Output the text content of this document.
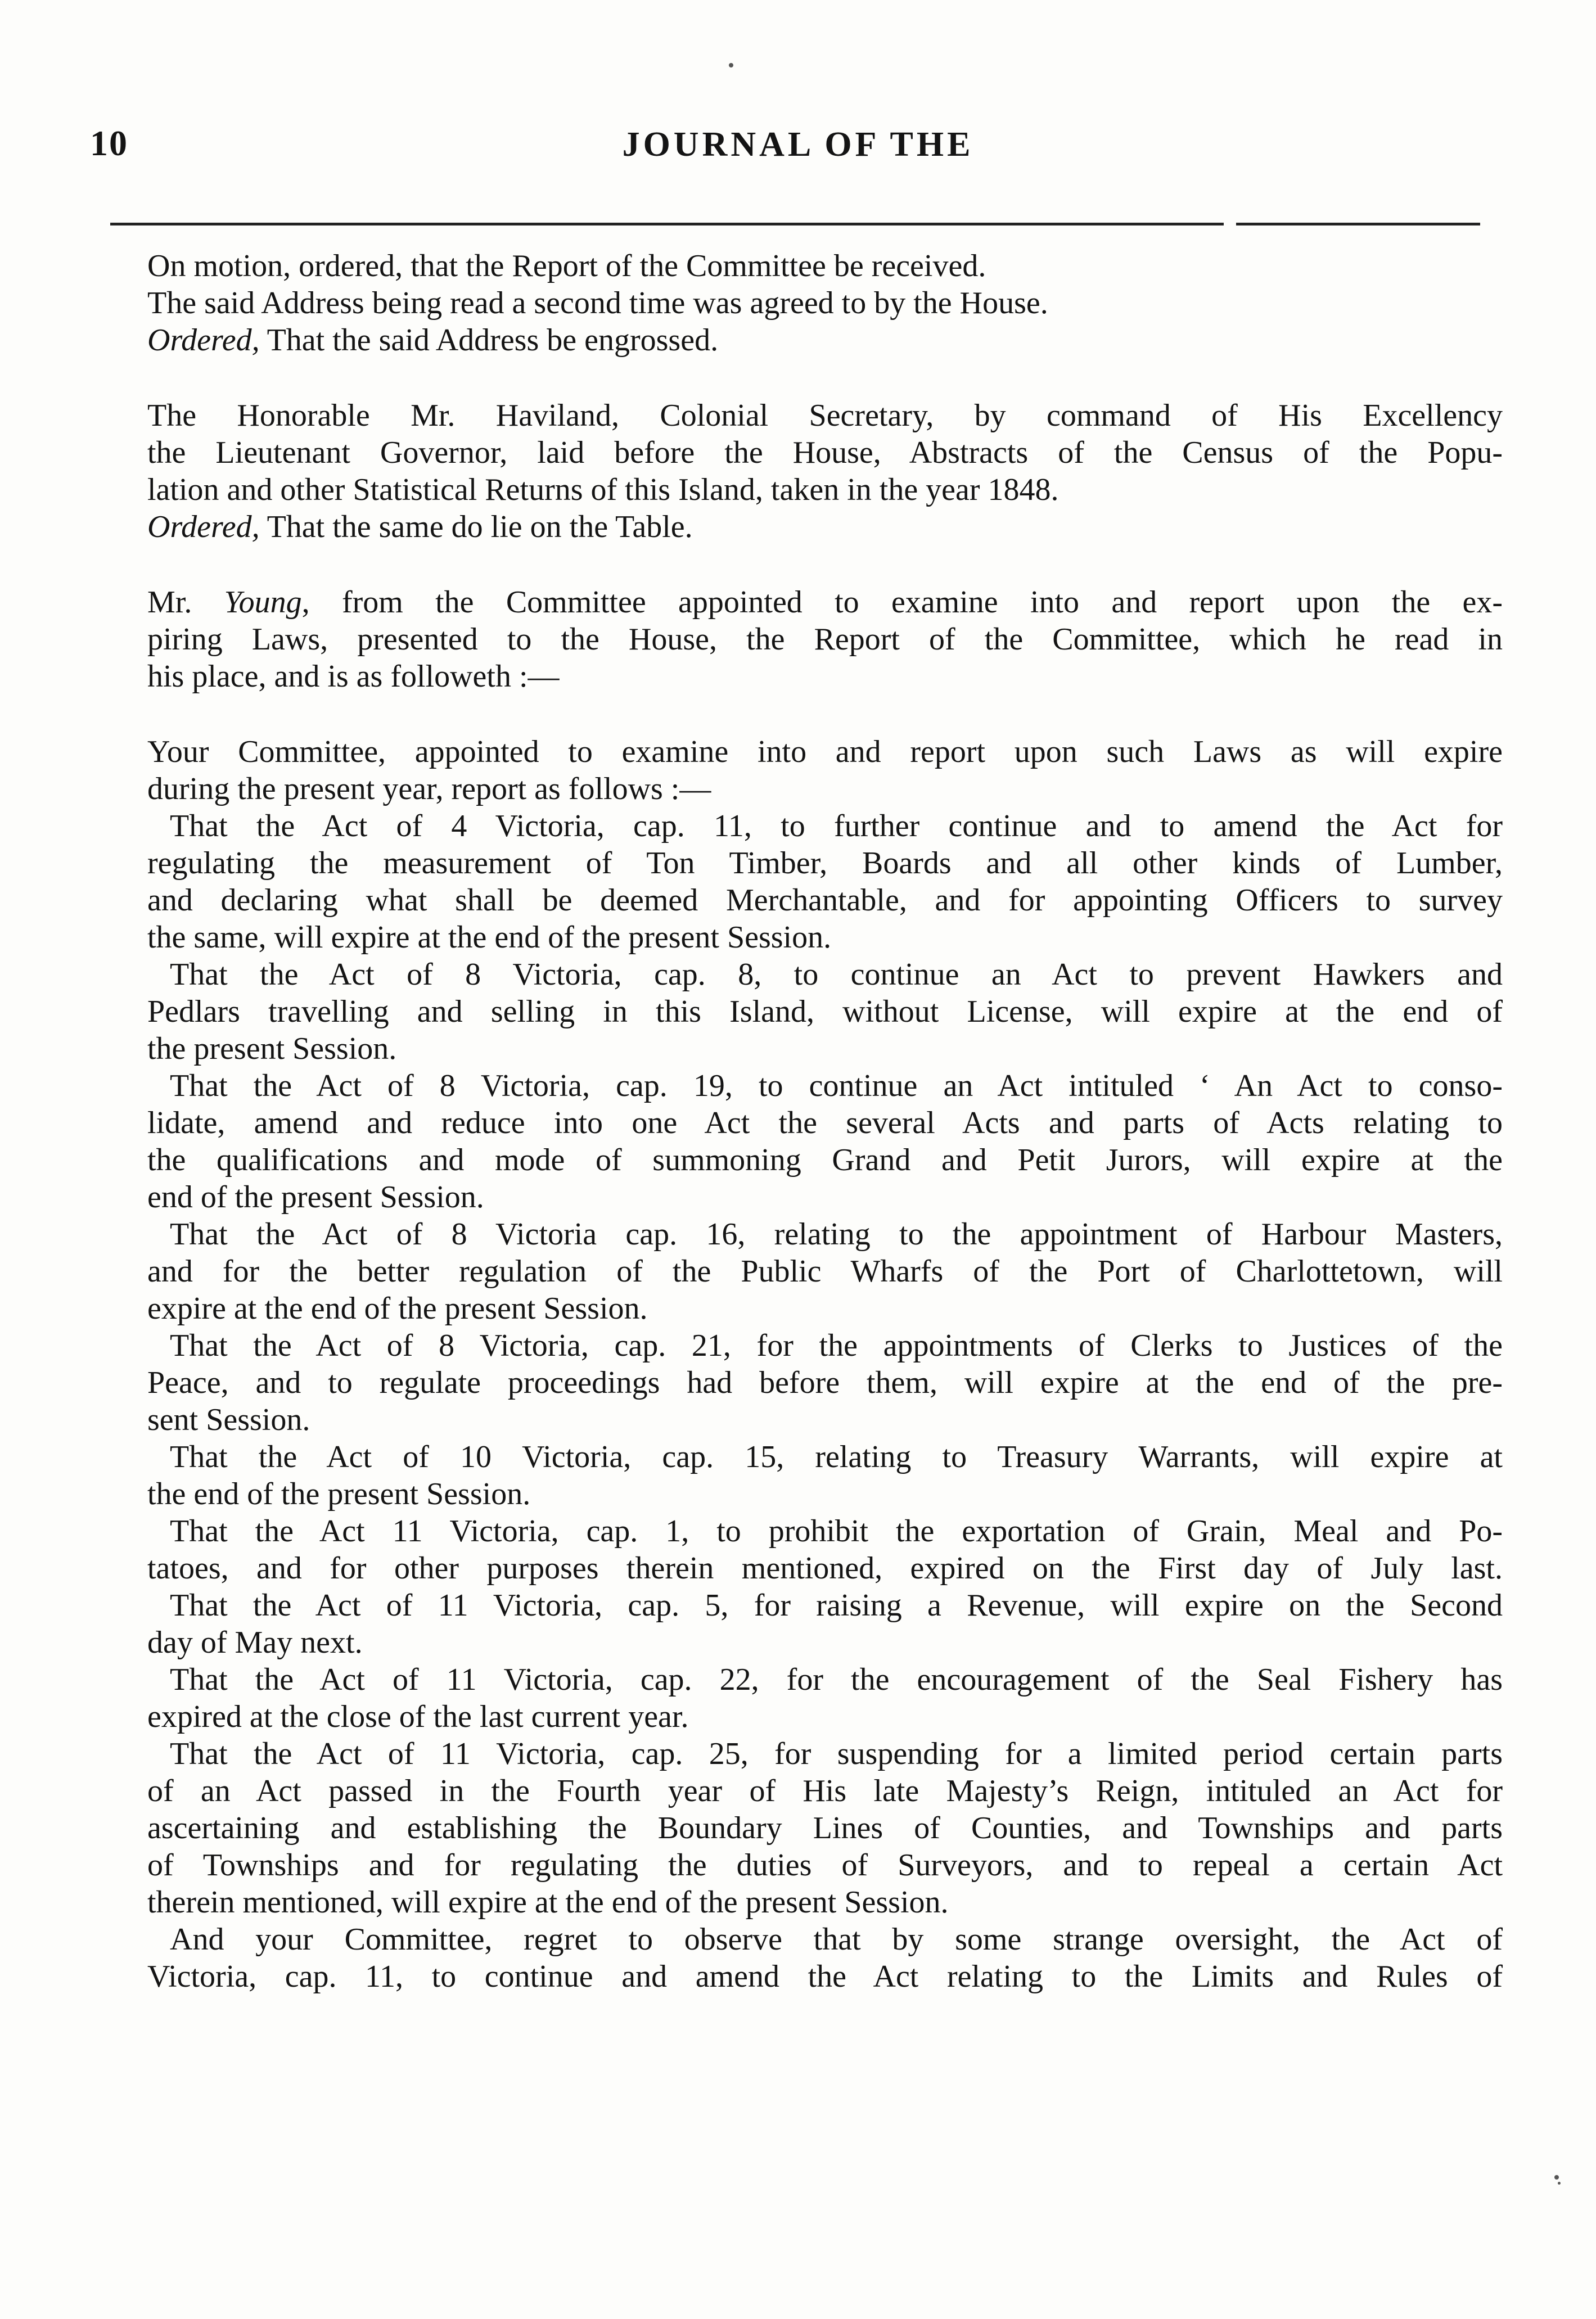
10	JOURNAL OF THE
On motion, ordered, that the Report of the Committee be received.
The said Address being read a second time was agreed to by the House.
Ordered, That the said Address be engrossed.
The Honorable Mr. Haviland, Colonial Secretary, by command of His Excellency
the Lieutenant Governor, laid before the House, Abstracts of the Census of the Popu-
lation and other Statistical Returns of this Island, taken in the year 1848.
Ordered, That the same do lie on the Table.
Mr. Young, from the Committee appointed to examine into and report upon the ex-
piring Laws, presented to the House, the Report of the Committee, which he read in
his place, and is as followeth :—
Your Committee, appointed to examine into and report upon such Laws as will expire
during the present year, report as follows :—
That the Act of 4 Victoria, cap. 11, to further continue and to amend the Act for
regulating the measurement of Ton Timber, Boards and all other kinds of Lumber,
and declaring what shall be deemed Merchantable, and for appointing Officers to survey
the same, will expire at the end of the present Session.
That the Act of 8 Victoria, cap. 8, to continue an Act to prevent Hawkers and
Pedlars travelling and selling in this Island, without License, will expire at the end of
the present Session.
That the Act of 8 Victoria, cap. 19, to continue an Act intituled ‘ An Act to conso-
lidate, amend and reduce into one Act the several Acts and parts of Acts relating to
the qualifications and mode of summoning Grand and Petit Jurors, will expire at the
end of the present Session.
That the Act of 8 Victoria cap. 16, relating to the appointment of Harbour Masters,
and for the better regulation of the Public Wharfs of the Port of Charlottetown, will
expire at the end of the present Session.
That the Act of 8 Victoria, cap. 21, for the appointments of Clerks to Justices of the
Peace, and to regulate proceedings had before them, will expire at the end of the pre-
sent Session.
That the Act of 10 Victoria, cap. 15, relating to Treasury Warrants, will expire at
the end of the present Session.
That the Act 11 Victoria, cap. 1, to prohibit the exportation of Grain, Meal and Po-
tatoes, and for other purposes therein mentioned, expired on the First day of July last.
That the Act of 11 Victoria, cap. 5, for raising a Revenue, will expire on the Second
day of May next.
That the Act of 11 Victoria, cap. 22, for the encouragement of the Seal Fishery has
expired at the close of the last current year.
That the Act of 11 Victoria, cap. 25, for suspending for a limited period certain parts
of an Act passed in the Fourth year of His late Majesty’s Reign, intituled an Act for
ascertaining and establishing the Boundary Lines of Counties, and Townships and parts
of Townships and for regulating the duties of Surveyors, and to repeal a certain Act
therein mentioned, will expire at the end of the present Session.
And your Committee, regret to observe that by some strange oversight, the Act of
Victoria, cap. 11, to continue and amend the Act relating to the Limits and Rules of
